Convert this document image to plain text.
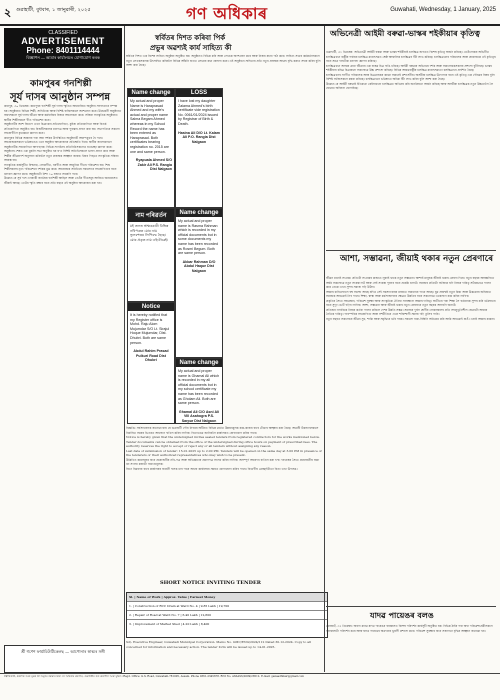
২ গুৱাহাটী, বুধবাৰ, ১ জানুৱাৰী, ২০২৫	গণ অধিকাৰ	Guwahati, Wednesday, 1 January, 2025
CLASSIFIED
ADVERTISEMENT
Phone: 8401114444
বিজ্ঞাপন — আমাৰ কাৰ্যালয়ত যোগাযোগ কৰক
কামপুৰৰ গনশিল্পী
সূৰ্য দাসৰ আনুষ্ঠান সম্পন্ন

কামপুৰ, ৩০ ডিচেম্বৰ: কামপুৰৰ গনশিল্পী সূৰ্য দাসৰ স্মৃতিত আয়োজিত অনুষ্ঠান সফলতাৰে সম্পন্ন হয়। অনুষ্ঠানত বিভিন্ন শিল্পী, সাহিত্যিক আৰু বিশিষ্ট ব্যক্তিসকলে অংশগ্ৰহণ কৰে। উদ্বোধনী অনুষ্ঠানত বক্তাসকলে সূৰ্য দাসৰ জীৱন আৰু কৰ্মৰাজিৰ বিষয়ে আলোচনা কৰে। সন্ধিয়া সাংস্কৃতিক অনুষ্ঠানত স্থানীয় শিল্পীসকলে গীত পৰিৱেশন কৰে।

অনুষ্ঠানটিৰ অংশ হিচাপে এখন চিত্ৰাংকন প্ৰতিযোগিতা, কুইজ প্ৰতিযোগিতা আৰু বিতৰ্ক প্ৰতিযোগিতা অনুষ্ঠিত হয়। বিজয়ীসকলক মানপত্ৰ আৰু পুৰস্কাৰ প্ৰদান কৰা হয়। সভাপতিয়ে সকলো সহযোগীলৈ কৃতজ্ঞতা জ্ঞাপন কৰে।

কামপুৰৰ বিভিন্ন অঞ্চলৰ পৰা অহা দৰ্শকৰ উপস্থিতিত অনুষ্ঠানটি আনন্দমুখৰ হৈ পৰে। আয়োজকসকলে ভৱিষ্যতেও এনে অনুষ্ঠান আয়োজনৰ প্ৰতিশ্ৰুতি দিয়ে। স্থানীয় জনসাধাৰণে অনুষ্ঠানটিক সহযোগিতা আগবঢ়ায়। বিভিন্ন সংগঠনৰ প্ৰতিনিধিসকলেও শুভেচ্ছা জ্ঞাপন কৰে।

অনুষ্ঠানৰ শেষত এক মুকলি সভা অনুষ্ঠিত হয় য'ত বিশিষ্ট অতিথিসকলে ভাষণ প্ৰদান কৰে আৰু শিল্পীৰ জীৱনাদৰ্শ অনুসৰণ কৰিবলৈ নতুন প্ৰজন্মক আহ্বান জনায়। ইয়াৰ পিছতে সাংস্কৃতিক সন্ধিয়া আৰম্ভ হয়।

সাংস্কৃতিক কাৰ্যসূচীত বিহুনাম, লোকগীত, বৰগীত আৰু আধুনিক গীতৰ পৰিৱেশন হয়। শিশু শিল্পীসকলৰ নৃত্য পৰিৱেশনে দৰ্শকক মুগ্ধ কৰে। আয়োজক সমিতিয়ে সকলোৰে সহযোগিতাৰ বাবে ধন্যবাদ জ্ঞাপন কৰে। অনুষ্ঠানটো নিশা ১০ বজাত সামৰণি পৰে।

উল্লেখ্য যে সূৰ্য দাস এগৰাকী জনপ্ৰিয় গনশিল্পী আছিল আৰু তেওঁৰ গীতসমূহ আজিও জনমানসত জীয়াই আছে। তেওঁৰ স্মৃতি ৰক্ষাৰ বাবে প্ৰতি বছৰে এই অনুষ্ঠান আয়োজন কৰা হয়।

স্বৰ্বিতৰ দিশত কৰিবা পিৰ্ক
প্ৰভুৰ অৱশ্যই কাৰ্য সাহিত্য কী

স্বৰ্বিতৰ দিশত এক বিশেষ সাহিত্য অনুষ্ঠান অনুষ্ঠিত হয়। অনুষ্ঠানত বিভিন্ন কবি আৰু লেখকে অংশগ্ৰহণ কৰে আৰু নিজৰ ৰচনা পাঠ কৰে। সাহিত্য সভাৰ কৰ্মকৰ্তাসকলে নতুন লেখকসকলক উৎসাহিত কৰিবলৈ বিভিন্ন আঁচনি হাতত লোৱাৰ কথা ঘোষণা কৰে। এই অনুষ্ঠানে সাহিত্যৰ প্ৰতি নতুন প্ৰজন্মৰ আগ্ৰহ বৃদ্ধি কৰাত সহায় কৰিব বুলি আশা কৰা হৈছে।

Name change
My actual and proper Name is Haraprasad Ahmed and my wife's actual and proper name Salma Begam Ahmed whereas in my School Record the name has been entered as Haraprasad. Both certificates bearing registration no. 2015 are one and same person.
Ryapuala Ahmed S/O Zakir Ali P.S. Rangia Dist Nalgaon
LOSS
I have lost my daughter Zaiama Ahmed's birth certificate vide registration No. 0061/01/2024 issued by Registrar of Birth & Death.
Hasina Ali D/O Lt. Kalam Ali P.O. Rangia Dist Nalgaon
নাম পৰিৱৰ্তন
মই তলত স্বাক্ষৰকাৰী বিভিন্ন নথিপত্ৰত মোৰ নাম ভুলবশতঃ লিপিবদ্ধ হৈছে। মোৰ প্ৰকৃত নাম এইটোৱেই।
Name change
My actual and proper name is Rasma Rahman which is recorded in my official documents but in some documents my name has been recorded as Rosmi Begum. Both are same person.
Akbar Rahman D/O Abdul Haque Dist Nalgaon
Notice
It is hereby notified that my Register office is Mohd. Raju Alom Mujumdar S/O Lt. Sirajul Hoque Mujumdar, Dist. Dhubri. Both are same person.
Abdul Rahim Prasad Pulkuri Road Dist Dhubri	Name change
My actual and proper name is Ghamal Ali which is recorded in my all official documents but in my school certificate my name has been recorded as Gholam Ali. Both are same person.
Ghamal Ali C/O Asni Ali Vill Asahogra P.S. Sarpur Dist Nalgaon

বিজ্ঞপ্তি: সৰ্বসাধাৰণক জনোৱা যায় যে গুৱাহাটী পৌৰ নিগমৰ অধীনত বিভিন্ন ৱাৰ্ডত উন্নয়নমূলক কাম-কাজৰ বাবে টেণ্ডাৰ আহ্বান কৰা হৈছে। আগ্ৰহী ঠিকাদাৰসকলে নিৰ্ধাৰিত সময়ৰ ভিতৰত আবেদন দাখিল কৰিব লাগিব। বিতংভাৱে জানিবলৈ কাৰ্যালয়ত যোগাযোগ কৰিব পাৰে।

Notice is hereby given that the undersigned invites sealed tenders from registered contractors for the works mentioned below. Tender documents can be obtained from the office of the undersigned during office hours on payment of prescribed fees. The authority reserves the right to accept or reject any or all tenders without assigning any reason.

Last date of submission of tender: 15-01-2025 up to 2.00 PM. Tenders will be opened on the same day at 3.00 PM in presence of the tenderers or their authorized representatives who may wish to be present.

উল্লিখিত কামসমূহৰ বাবে প্ৰয়োজনীয় নথি-পত্ৰ আৰু অভিজ্ঞতাৰ প্ৰমাণপত্ৰ সংলগ্ন কৰিব লাগিব। অসম্পূৰ্ণ আবেদন বাতিল কৰা হ'ব। দৰখাস্তৰ সৈতে প্ৰয়োজনীয় জমা ধন সংলগ্ন কৰাটো বাধ্যতামূলক।

বিতং বিৱৰণৰ বাবে কাৰ্যালয়ৰ জাননী ফলক চাব পাৰে অথবা কাৰ্যালয়ৰ সময়ত যোগাযোগ কৰিব পাৰে। বিভাগীয় ৱেবছাইটতো বিতং তথ্য উপলব্ধ।

SHORT NOTICE INVITING TENDER
Sl. | Name of Work | Approx. Value | Earnest Money
1. | Construction of RCC Drain at Ward No. 4 | 9.85 Lakh | 19,700
2. | Repair of Road at Ward No. 7 | 6.40 Lakh | 12,800
3. | Improvement of Market Shed | 4.20 Lakh | 8,400

Sd/- Executive Engineer, Guwahati Municipal Corporation. Memo No. GMC/ENG/2024/112 Dated 30-12-2024. Copy to all concerned for information and necessary action. The tender form will be issued up to 14-01-2025.

অভিনেত্ৰী আইমী বৰুৱা-ভাস্কৰ শইকীয়াৰ কৃতিত্ব

গুৱাহাটী, ৩১ ডিচেম্বৰ: অভিনেত্ৰী আইমী বৰুৱা আৰু ভাস্কৰ শইকীয়াই চলচ্চিত্ৰ জগতত বিশেষ কৃতিত্ব অৰ্জন কৰিছে। তেওঁলোকৰ অভিনীত চলচ্চিত্ৰখনে ৰাষ্ট্ৰীয় পৰ্যায়ৰ চলচ্চিত্ৰ মহোৎসৱত শ্ৰেষ্ঠ আঞ্চলিক চলচ্চিত্ৰৰ বঁটা লাভ কৰিছে। চলচ্চিত্ৰখনৰ পৰিচালক আৰু প্ৰযোজকে এই কৃতিত্বৰ বাবে সমগ্ৰ দলটোক ধন্যবাদ জ্ঞাপন কৰিছে।

চলচ্চিত্ৰখনে অসমৰ গ্ৰাম্য জীৱনৰ এক বাস্তৱ চিত্ৰ দাঙি ধৰিছে। আইমী বৰুৱাৰ অভিনয়ে দৰ্শক আৰু সমালোচকসকলৰ প্ৰশংসা বুটলিছে। ভাস্কৰ শইকীয়াৰ চৰিত্ৰ চিত্ৰায়নো সকলোৱে উচ্চ প্ৰশংসা কৰিছে। বিভিন্ন আন্তঃৰাষ্ট্ৰীয় চলচ্চিত্ৰ মহোৎসৱতো চলচ্চিত্ৰখন প্ৰদৰ্শিত হৈছে।

চলচ্চিত্ৰখনৰ সংগীত পৰিচালক আৰু চিত্ৰগ্ৰাহকৰ কামো সমানেই প্ৰশংসনীয়। অসমীয়া চলচ্চিত্ৰ উদ্যোগৰ বাবে এই কৃতিত্ব এক গৌৰৱৰ বিষয় বুলি বিশিষ্ট ব্যক্তিসকলে মন্তব্য কৰিছে। চলচ্চিত্ৰখনে ভৱিষ্যতে অধিক বঁটা লাভ কৰিব বুলি আশা কৰা হৈছে।

উল্লেখ্য যে আইমী বৰুৱাই ইতিমধ্যে কেইবাখনো চলচ্চিত্ৰত অভিনয় কৰি জনপ্ৰিয়তা অৰ্জন কৰিছে আৰু অসমীয়া চলচ্চিত্ৰক নতুন উচ্চতালৈ লৈ যোৱাত অৰিহণা যোগাইছে।

আশা, সম্ভাৱনা, জীয়াই থকাৰ নতুন প্ৰেৰণাৰে

জীৱন মানেই সংগ্ৰাম। প্ৰতিটো সংগ্ৰামৰ মাজতে লুকাই থাকে নতুন সম্ভাৱনা। আশাই মানুহক জীয়াই থকাৰ প্ৰেৰণা দিয়ে। নতুন বছৰৰ আৰম্ভণিতে আমি সকলোৱে নতুন সংকল্প লওঁ আৰু সেই সংকল্প পূৰণৰ বাবে প্ৰচেষ্টা চলাওঁ। সমাজৰ প্ৰতিটো ব্যক্তিয়ে যদি নিজৰ দায়িত্ব সঠিকভাৱে পালন কৰে তেন্তে এখন সুন্দৰ সমাজ গঢ়ি উঠিব।

আমাৰ চাৰিওফালে বহু সমস্যা আছে যদিও সেই সমস্যাবোৰৰ মাজতে সমাধানৰ পথো আছে। যুৱ প্ৰজন্মই নতুন চিন্তা আৰু উদ্ভাৱনৰ জৰিয়তে সমাজক আগুৱাই নিব পাৰে। শিক্ষা, স্বাস্থ্য আৰু কৰ্মসংস্থাপনৰ ক্ষেত্ৰত উন্নতিৰ বাবে সকলোৱে একেলগে কাম কৰিব লাগিব।

প্ৰকৃতিৰ সৈতে সহাৱস্থান, পৰিৱেশ সুৰক্ষা আৰু সাংস্কৃতিক ঐতিহ্য সংৰক্ষণো আমাৰ দায়িত্ব। অতীতৰ পৰা শিক্ষা লৈ বৰ্তমানক সুন্দৰ কৰি ভৱিষ্যতৰ বাবে সুদৃঢ় ভেটি গঢ়িব লাগিব। আশা, সম্ভাৱনা আৰু জীয়াই থকাৰ নতুন প্ৰেৰণাৰে নতুন বছৰক আদৰণি জনাওঁ।

প্ৰতিজন নাগৰিকে নিজৰ কৰ্তব্য পালন কৰিলে দেশৰ উন্নতি সম্ভৱ। সমাজৰ দুৰ্বল শ্ৰেণীৰ লোকসকলৰ প্ৰতি সহানুভূতিশীল হোৱাটো আমাৰ নৈতিক দায়িত্ব। পাৰস্পৰিক সহযোগিতা আৰু সম্প্ৰীতিৰে এখন শক্তিশালী সমাজ গঢ়ি তুলিব পাৰি।

নতুন বছৰত সকলোৰে জীৱন সুখ, শান্তি আৰু সমৃদ্ধিৰে ভৰি পৰক। সকলো বাধা-বিঘিনি অতিক্ৰম কৰি আমি আগুৱাই যাওঁ। এয়াই আমাৰ কামনা।

যাদৱ পায়েঙৰ বলঙ

যোৰহাট, ৩১ ডিচেম্বৰ: অৰণ্য মানৱ যাদৱ পায়েঙৰ বনাঞ্চলত বিশেষ পৰিদৰ্শন কাৰ্যসূচী অনুষ্ঠিত হয়। বিভিন্ন ঠাইৰ পৰা অহা পৰিৱেশপ্ৰেমীসকলে বনাঞ্চলটো পৰিদৰ্শন কৰে আৰু যাদৱ পায়েঙৰ অৱদানৰ ভূয়সী প্ৰশংসা কৰে। পৰিৱেশ সুৰক্ষাৰ বাবে সজাগতা বৃদ্ধিৰ আহ্বান জনোৱা হয়।

শ্ৰী গণেশ ফাৰ্মাচিউটিকেলছ — আপোনাৰ স্বাস্থ্যৰ সঙ্গী
স্বত্বাধিকাৰী, প্ৰকাশক আৰু মুদ্ৰক শ্ৰী অনুপম বৰুৱাৰ দ্বাৰা গণ অধিকাৰ প্ৰকাশন, গুৱাহাটীৰ পৰা প্ৰকাশিত আৰু মুদ্ৰিত। Regd. Office: G.S. Road, Guwahati-781005, Assam. Phone 0361-2345678. RNI No. ASSASS/2009/28512. E-mail: ganaadhikar@gmail.com
